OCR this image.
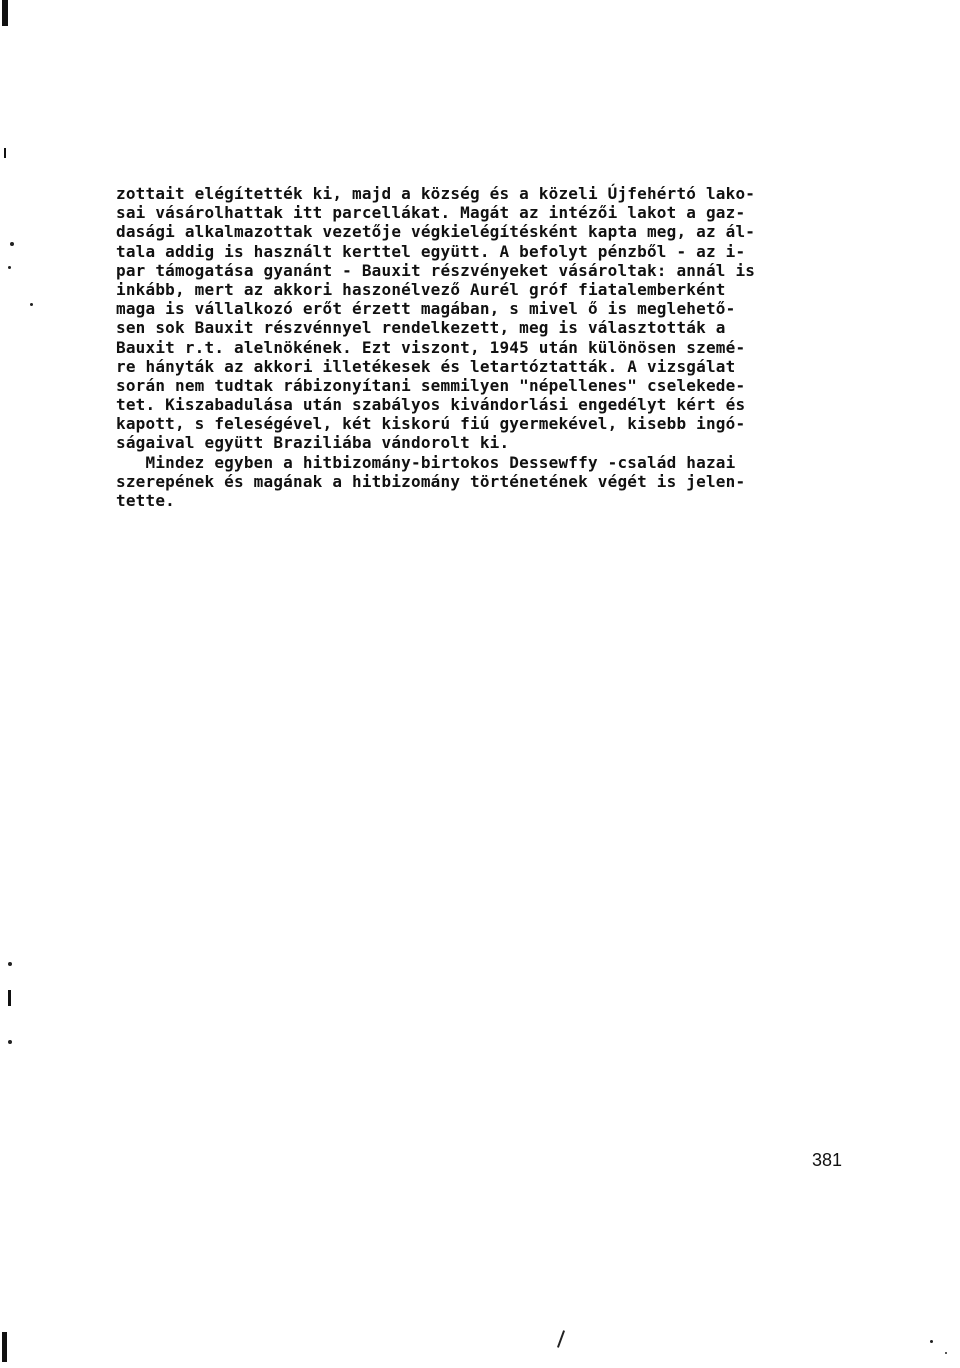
zottait elégítették ki, majd a község és a közeli Újfehértó lako-
sai vásárolhattak itt parcellákat. Magát az intézői lakot a gaz-
dasági alkalmazottak vezetője végkielégítésként kapta meg, az ál-
tala addig is használt kerttel együtt. A befolyt pénzből - az i-
par támogatása gyanánt - Bauxit részvényeket vásároltak: annál is
inkább, mert az akkori haszonélvező Aurél gróf fiatalemberként
maga is vállalkozó erőt érzett magában, s mivel ő is meglehető-
sen sok Bauxit részvénnyel rendelkezett, meg is választották a
Bauxit r.t. alelnökének. Ezt viszont, 1945 után különösen szemé-
re hányták az akkori illetékesek és letartóztatták. A vizsgálat
során nem tudtak rábizonyítani semmilyen "népellenes" cselekede-
tet. Kiszabadulása után szabályos kivándorlási engedélyt kért és
kapott, s feleségével, két kiskorú fiú gyermekével, kisebb ingó-
ságaival együtt Braziliába vándorolt ki.
Mindez egyben a hitbizomány-birtokos Dessewffy -család hazai
szerepének és magának a hitbizomány történetének végét is jelen-
tette.
381
